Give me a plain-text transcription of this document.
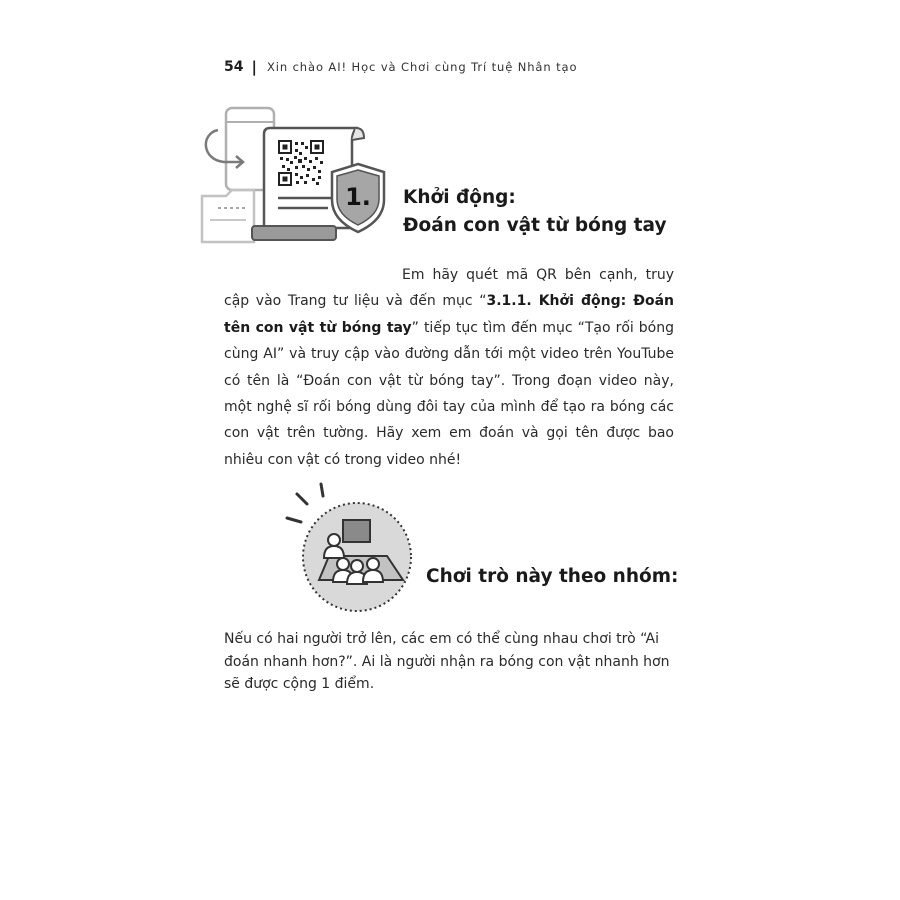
54 | Xin chào AI! Học và Chơi cùng Trí tuệ Nhân tạo
1. Khởi động:
Đoán con vật từ bóng tay

Em hãy quét mã QR bên cạnh, truy cập vào Trang tư liệu và đến mục “3.1.1. Khởi động: Đoán tên con vật từ bóng tay” tiếp tục tìm đến mục “Tạo rối bóng cùng AI” và truy cập vào đường dẫn tới một video trên YouTube có tên là “Đoán con vật từ bóng tay”. Trong đoạn video này, một nghệ sĩ rối bóng dùng đôi tay của mình để tạo ra bóng các con vật trên tường. Hãy xem em đoán và gọi tên được bao nhiêu con vật có trong video nhé!

Chơi trò này theo nhóm:

Nếu có hai người trở lên, các em có thể cùng nhau chơi trò “Ai đoán nhanh hơn?”. Ai là người nhận ra bóng con vật nhanh hơn sẽ được cộng 1 điểm.
